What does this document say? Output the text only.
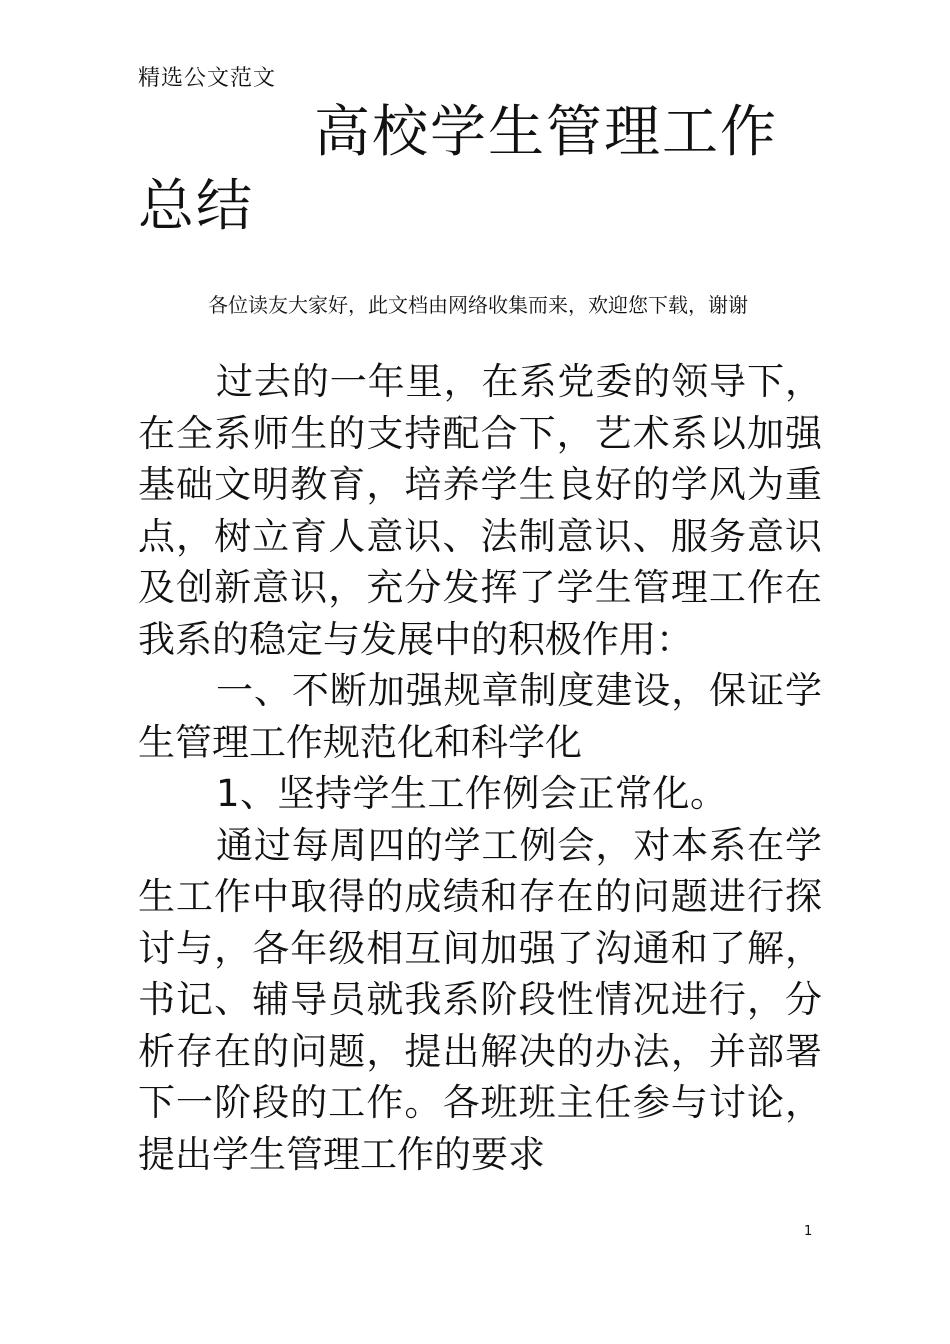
精选公文范文
高校学生管理工作
总结
各位读友大家好，此文档由网络收集而来，欢迎您下载，谢谢

过去的一年里，在系党委的领导下，在全系师生的支持配合下，艺术系以加强基础文明教育，培养学生良好的学风为重点，树立育人意识、法制意识、服务意识及创新意识，充分发挥了学生管理工作在我系的稳定与发展中的积极作用：

一、不断加强规章制度建设，保证学生管理工作规范化和科学化

1、坚持学生工作例会正常化。

通过每周四的学工例会，对本系在学生工作中取得的成绩和存在的问题进行探讨与，各年级相互间加强了沟通和了解，书记、辅导员就我系阶段性情况进行，分析存在的问题，提出解决的办法，并部署下一阶段的工作。各班班主任参与讨论，提出学生管理工作的要求

1
